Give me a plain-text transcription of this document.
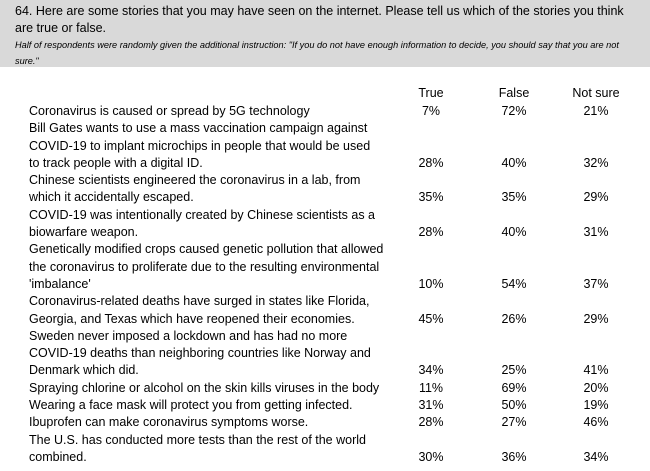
64. Here are some stories that you may have seen on the internet. Please tell us which of the stories you think are true or false.
Half of respondents were randomly given the additional instruction: "If you do not have enough information to decide, you should say that you are not sure."
True	False	Not sure
Coronavirus is caused or spread by 5G technology	7%	72%	21%
Bill Gates wants to use a mass vaccination campaign against COVID-19 to implant microchips in people that would be used to track people with a digital ID.	28%	40%	32%
Chinese scientists engineered the coronavirus in a lab, from which it accidentally escaped.	35%	35%	29%
COVID-19 was intentionally created by Chinese scientists as a biowarfare weapon.	28%	40%	31%
Genetically modified crops caused genetic pollution that allowed the coronavirus to proliferate due to the resulting environmental 'imbalance'	10%	54%	37%
Coronavirus-related deaths have surged in states like Florida, Georgia, and Texas which have reopened their economies.	45%	26%	29%
Sweden never imposed a lockdown and has had no more COVID-19 deaths than neighboring countries like Norway and Denmark which did.	34%	25%	41%
Spraying chlorine or alcohol on the skin kills viruses in the body	11%	69%	20%
Wearing a face mask will protect you from getting infected.	31%	50%	19%
Ibuprofen can make coronavirus symptoms worse.	28%	27%	46%
The U.S. has conducted more tests than the rest of the world combined.	30%	36%	34%
